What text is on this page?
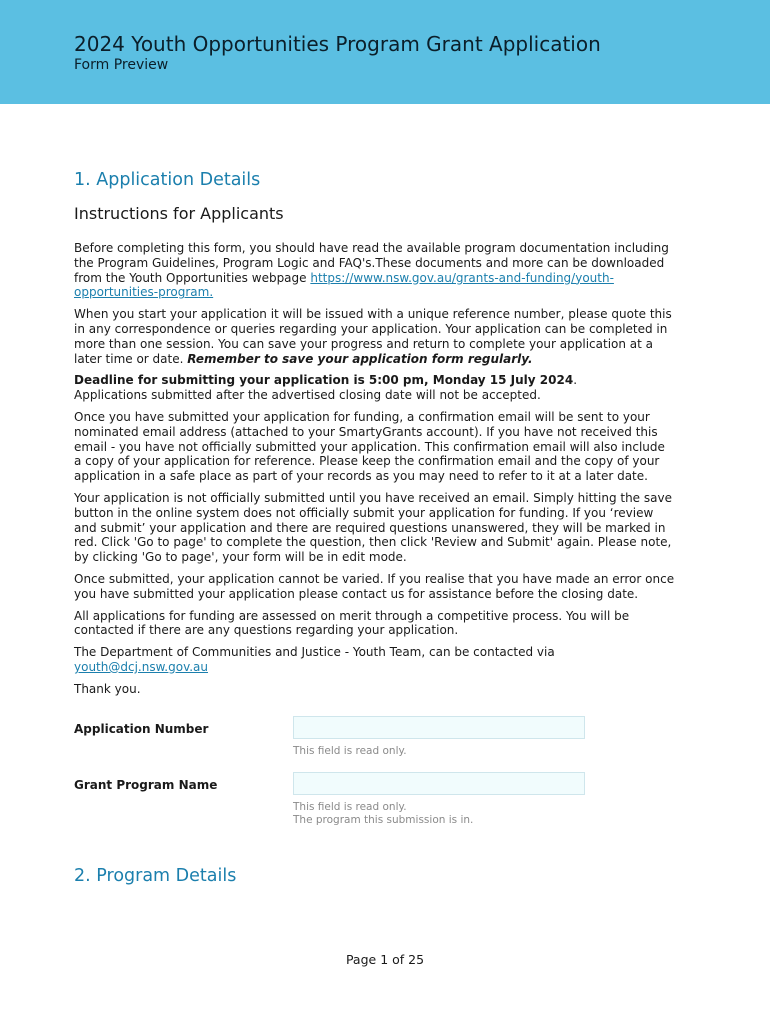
2024 Youth Opportunities Program Grant Application
Form Preview
1. Application Details
Instructions for Applicants

Before completing this form, you should have read the available program documentation including the Program Guidelines, Program Logic and FAQ's.These documents and more can be downloaded from the Youth Opportunities webpage https://www.nsw.gov.au/grants-and-funding/youth-opportunities-program.

When you start your application it will be issued with a unique reference number, please quote this in any correspondence or queries regarding your application. Your application can be completed in more than one session. You can save your progress and return to complete your application at a later time or date. Remember to save your application form regularly.

Deadline for submitting your application is 5:00 pm, Monday 15 July 2024.
Applications submitted after the advertised closing date will not be accepted.

Once you have submitted your application for funding, a confirmation email will be sent to your nominated email address (attached to your SmartyGrants account). If you have not received this email - you have not officially submitted your application. This confirmation email will also include a copy of your application for reference. Please keep the confirmation email and the copy of your application in a safe place as part of your records as you may need to refer to it at a later date.

Your application is not officially submitted until you have received an email. Simply hitting the save button in the online system does not officially submit your application for funding. If you ‘review and submit’ your application and there are required questions unanswered, they will be marked in red. Click 'Go to page' to complete the question, then click 'Review and Submit' again. Please note, by clicking 'Go to page', your form will be in edit mode.

Once submitted, your application cannot be varied. If you realise that you have made an error once you have submitted your application please contact us for assistance before the closing date.

All applications for funding are assessed on merit through a competitive process. You will be contacted if there are any questions regarding your application.

The Department of Communities and Justice - Youth Team, can be contacted via
youth@dcj.nsw.gov.au

Thank you.

Application Number
This field is read only.
Grant Program Name
This field is read only.
The program this submission is in.
2. Program Details
Page 1 of 25
